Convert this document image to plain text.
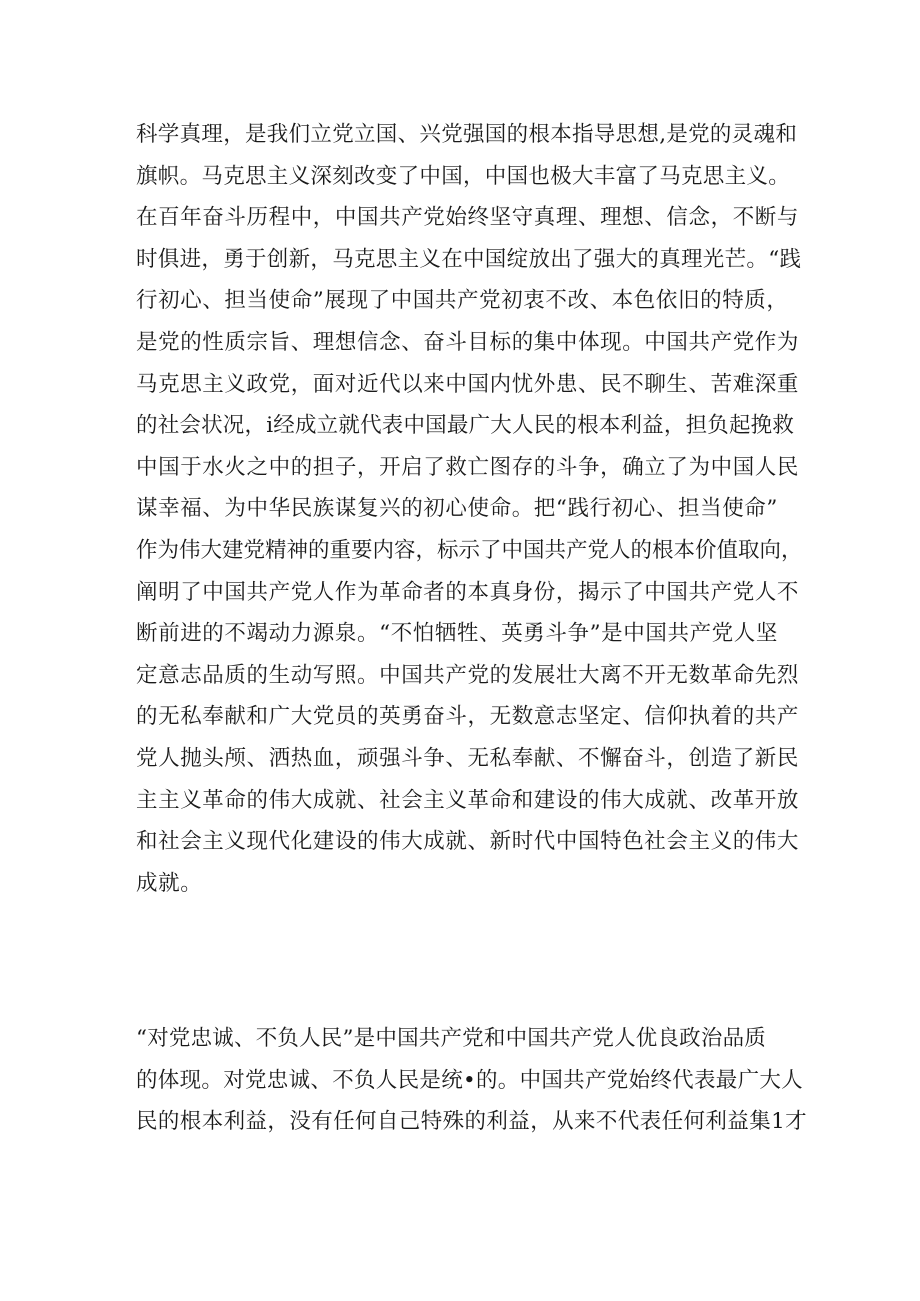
科学真理，是我们立党立国、兴党强国的根本指导思想,是党的灵魂和
旗帜。马克思主义深刻改变了中国，中国也极大丰富了马克思主义。
在百年奋斗历程中，中国共产党始终坚守真理、理想、信念，不断与
时俱进，勇于创新，马克思主义在中国绽放出了强大的真理光芒。“践
行初心、担当使命”展现了中国共产党初衷不改、本色依旧的特质，
是党的性质宗旨、理想信念、奋斗目标的集中体现。中国共产党作为
马克思主义政党，面对近代以来中国内忧外患、民不聊生、苦难深重
的社会状况，i经成立就代表中国最广大人民的根本利益，担负起挽救
中国于水火之中的担子，开启了救亡图存的斗争，确立了为中国人民
谋幸福、为中华民族谋复兴的初心使命。把“践行初心、担当使命”
作为伟大建党精神的重要内容，标示了中国共产党人的根本价值取向，
阐明了中国共产党人作为革命者的本真身份，揭示了中国共产党人不
断前进的不竭动力源泉。“不怕牺牲、英勇斗争”是中国共产党人坚
定意志品质的生动写照。中国共产党的发展壮大离不开无数革命先烈
的无私奉献和广大党员的英勇奋斗，无数意志坚定、信仰执着的共产
党人抛头颅、洒热血，顽强斗争、无私奉献、不懈奋斗，创造了新民
主主义革命的伟大成就、社会主义革命和建设的伟大成就、改革开放
和社会主义现代化建设的伟大成就、新时代中国特色社会主义的伟大
成就。
“对党忠诚、不负人民”是中国共产党和中国共产党人优良政治品质
的体现。对党忠诚、不负人民是统•的。中国共产党始终代表最广大人
民的根本利益，没有任何自己特殊的利益，从来不代表任何利益集1才
